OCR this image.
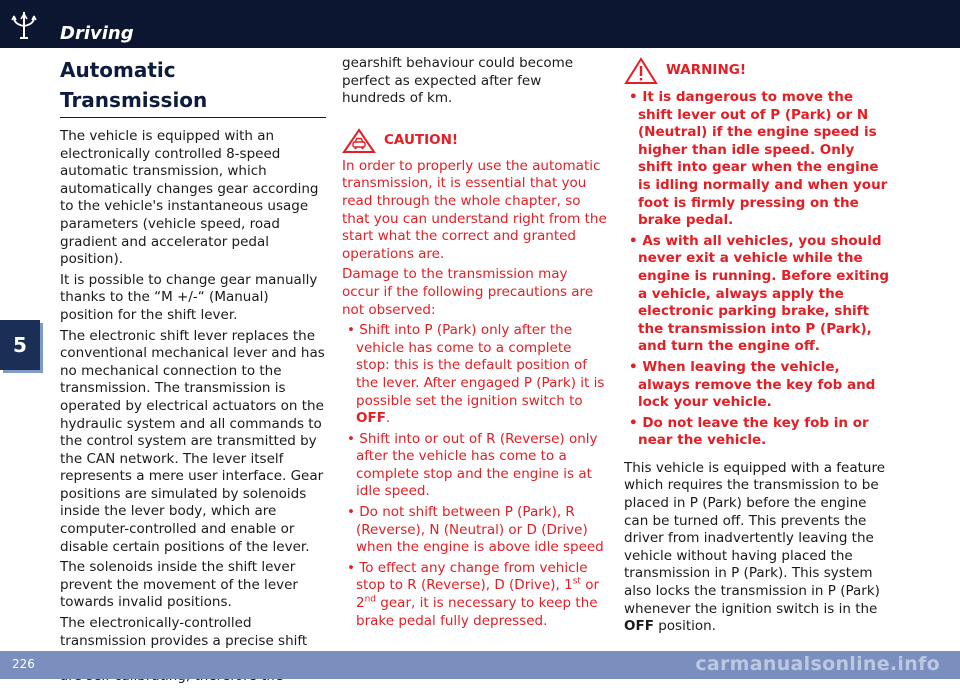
Driving
5
Automatic Transmission

The vehicle is equipped with an electronically controlled 8-speed automatic transmission, which automatically changes gear according to the vehicle's instantaneous usage parameters (vehicle speed, road gradient and accelerator pedal position).

It is possible to change gear manually thanks to the “M +/-“ (Manual) position for the shift lever.

The electronic shift lever replaces the conventional mechanical lever and has no mechanical connection to the transmission. The transmission is operated by electrical actuators on the hydraulic system and all commands to the control system are transmitted by the CAN network. The lever itself represents a mere user interface. Gear positions are simulated by solenoids inside the lever body, which are computer-controlled and enable or disable certain positions of the lever.

The solenoids inside the shift lever prevent the movement of the lever towards invalid positions.

The electronically-controlled transmission provides a precise shift

gearshift behaviour could become perfect as expected after few hundreds of km.

CAUTION!

In order to properly use the automatic transmission, it is essential that you read through the whole chapter, so that you can understand right from the start what the correct and granted operations are.

Damage to the transmission may occur if the following precautions are not observed:

• Shift into P (Park) only after the vehicle has come to a complete stop: this is the default position of the lever. After engaged P (Park) it is possible set the ignition switch to OFF.

• Shift into or out of R (Reverse) only after the vehicle has come to a complete stop and the engine is at idle speed.

• Do not shift between P (Park), R (Reverse), N (Neutral) or D (Drive) when the engine is above idle speed

• To effect any change from vehicle stop to R (Reverse), D (Drive), 1st or 2nd gear, it is necessary to keep the brake pedal fully depressed.

WARNING!

• It is dangerous to move the shift lever out of P (Park) or N (Neutral) if the engine speed is higher than idle speed. Only shift into gear when the engine is idling normally and when your foot is firmly pressing on the brake pedal.

• As with all vehicles, you should never exit a vehicle while the engine is running. Before exiting a vehicle, always apply the electronic parking brake, shift the transmission into P (Park), and turn the engine off.

• When leaving the vehicle, always remove the key fob and lock your vehicle.

• Do not leave the key fob in or near the vehicle.

This vehicle is equipped with a feature which requires the transmission to be placed in P (Park) before the engine can be turned off. This prevents the driver from inadvertently leaving the vehicle without having placed the transmission in P (Park). This system also locks the transmission in P (Park) whenever the ignition switch is in the OFF position.

226	carmanualsonline.info
